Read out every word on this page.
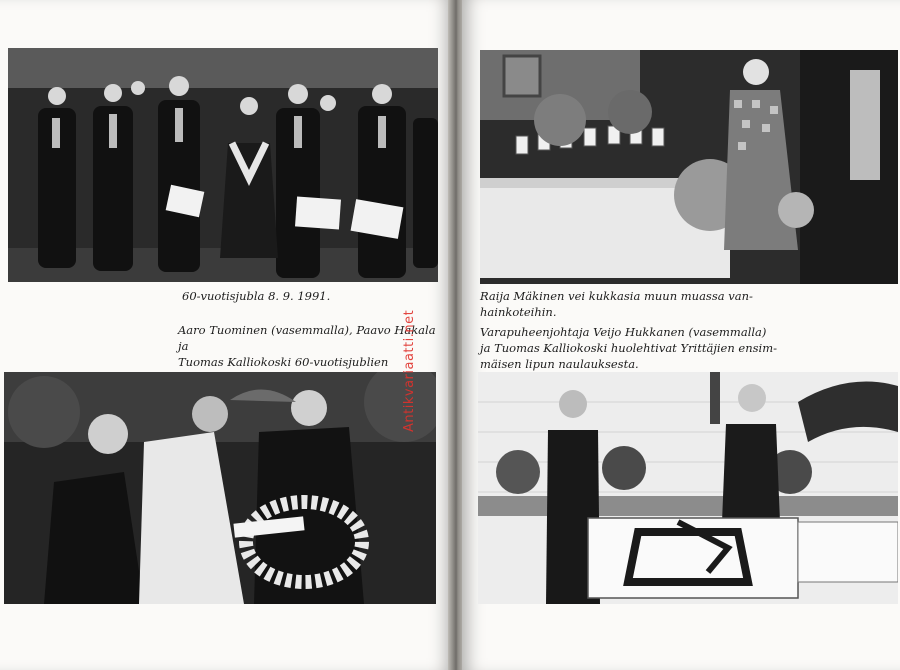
60-vuotisjubla 8. 9. 1991.
Aaro Tuominen (vasemmalla), Paavo Hakala ja
Tuomas Kalliokoski 60-vuotisjublien	Antikvariaatti.net
Raija Mäkinen vei kukkasia muun muassa van-
hainkoteihin.
Varapuheenjohtaja Veijo Hukkanen (vasemmalla)
ja Tuomas Kalliokoski huolehtivat Yrittäjien ensim-
mäisen lipun naulauksesta.
